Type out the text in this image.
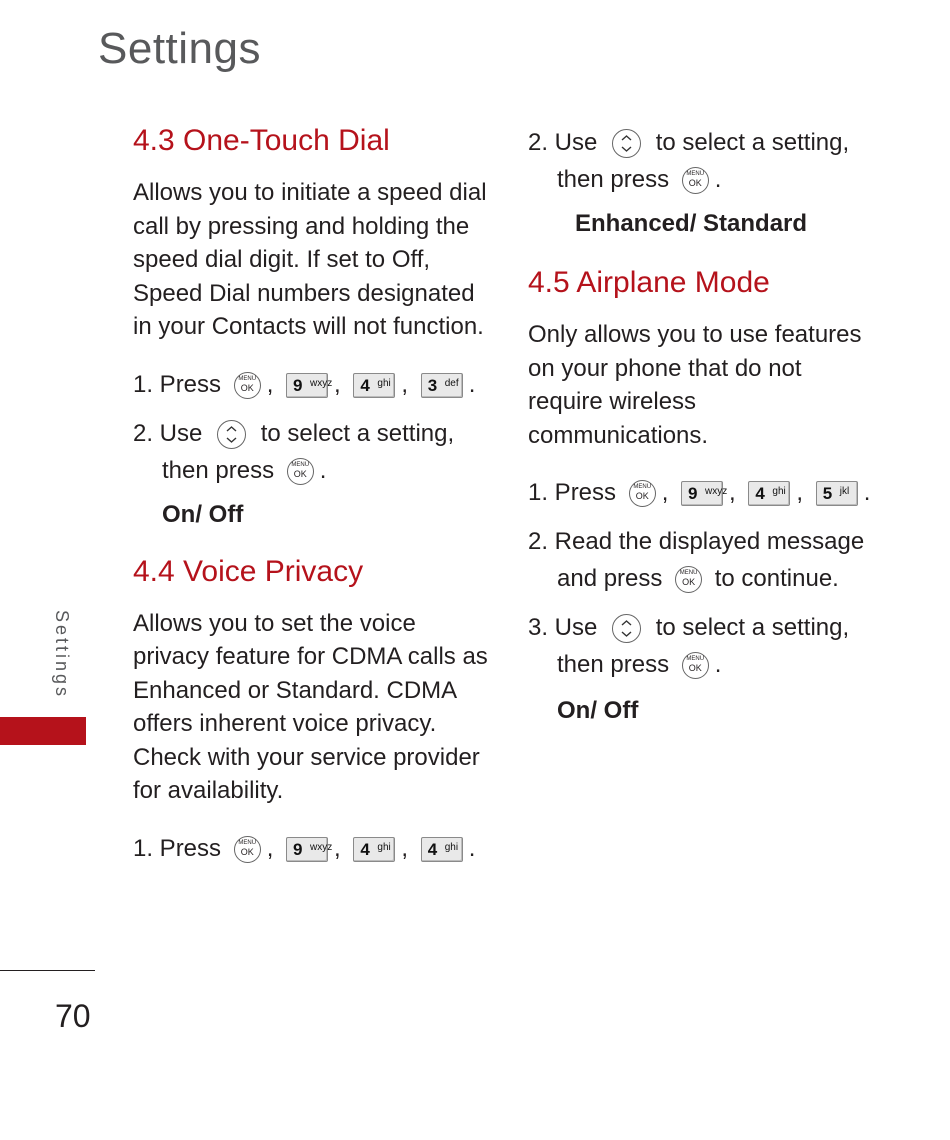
Settings
4.3 One-Touch Dial

Allows you to initiate a speed dial call by pressing and holding the speed dial digit. If set to Off, Speed Dial numbers designated in your Contacts will not function.

1. Press	MENU
OK , 9 wxyz , 4 ghi , 3 def .
2. Use to select a setting,
then press	MENU
OK .
On/ Off
4.4 Voice Privacy

Allows you to set the voice privacy feature for CDMA calls as Enhanced or Standard. CDMA offers inherent voice privacy. Check with your service provider for availability.

1. Press	MENU
OK , 9 wxyz , 4 ghi , 4 ghi .
2. Use to select a setting,
then press	MENU
OK .
Enhanced/ Standard
4.5 Airplane Mode

Only allows you to use features on your phone that do not require wireless communications.

1. Press	MENU
OK , 9 wxyz , 4 ghi , 5 jkl .
2. Read the displayed message
and press	MENU
OK to continue.
3. Use to select a setting,
then press	MENU
OK .
On/ Off
Settings
70
